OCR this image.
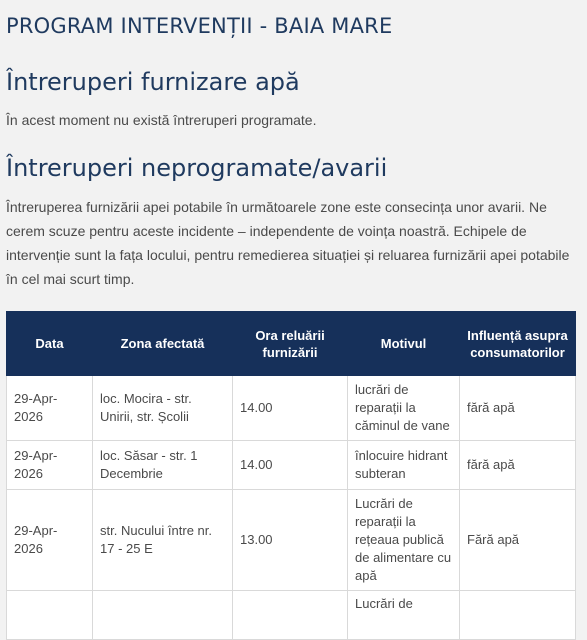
PROGRAM INTERVENȚII - BAIA MARE
Întreruperi furnizare apă
În acest moment nu există întreruperi programate.
Întreruperi neprogramate/avarii
Întreruperea furnizării apei potabile în următoarele zone este consecința unor avarii. Ne cerem scuze pentru aceste incidente – independente de voința noastră. Echipele de intervenție sunt la fața locului, pentru remedierea situației și reluarea furnizării apei potabile în cel mai scurt timp.
Data	Zona afectată	Ora reluării furnizării	Motivul	Influență asupra consumatorilor
29-Apr-2026	loc. Mocira - str. Unirii, str. Școlii	14.00	lucrări de reparații la căminul de vane	fără apă
29-Apr-2026	loc. Săsar - str. 1 Decembrie	14.00	înlocuire hidrant subteran	fără apă
29-Apr-2026	str. Nucului între nr. 17 - 25 E	13.00	Lucrări de reparații la rețeaua publică de alimentare cu apă	Fără apă
			Lucrări de	
